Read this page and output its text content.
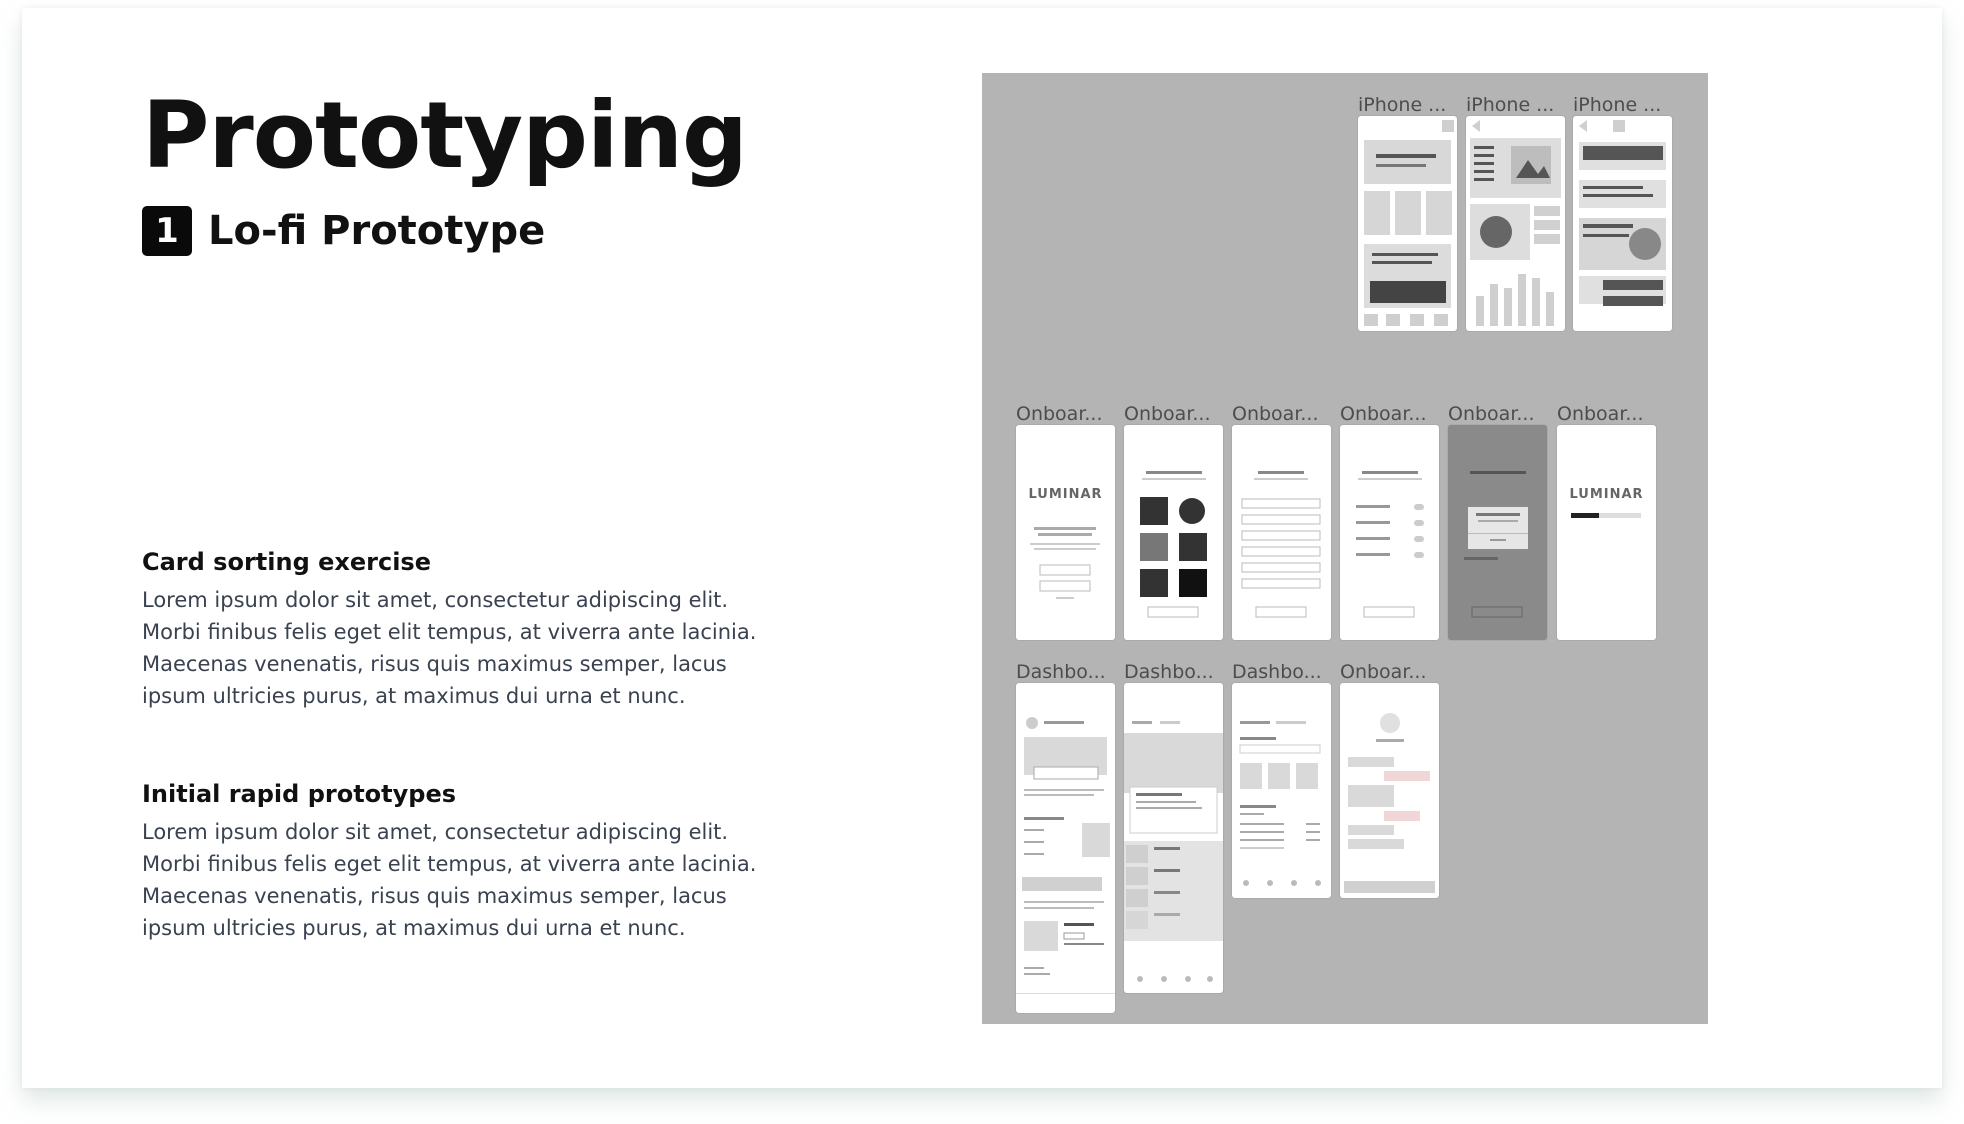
Prototyping
1 Lo-fi Prototype
Card sorting exercise

Lorem ipsum dolor sit amet, consectetur adipiscing elit. Morbi finibus felis eget elit tempus, at viverra ante lacinia. Maecenas venenatis, risus quis maximus semper, lacus ipsum ultricies purus, at maximus dui urna et nunc.

Initial rapid prototypes

Lorem ipsum dolor sit amet, consectetur adipiscing elit. Morbi finibus felis eget elit tempus, at viverra ante lacinia. Maecenas venenatis, risus quis maximus semper, lacus ipsum ultricies purus, at maximus dui urna et nunc.

iPhone ...	iPhone ... iPhone ...
Onboar...	Onboar...	Onboar...	Onboar...	Onboar...	Onboar...
LUMINAR	LUMINAR
Dashbo... Dashbo... Dashbo... Onboar...
